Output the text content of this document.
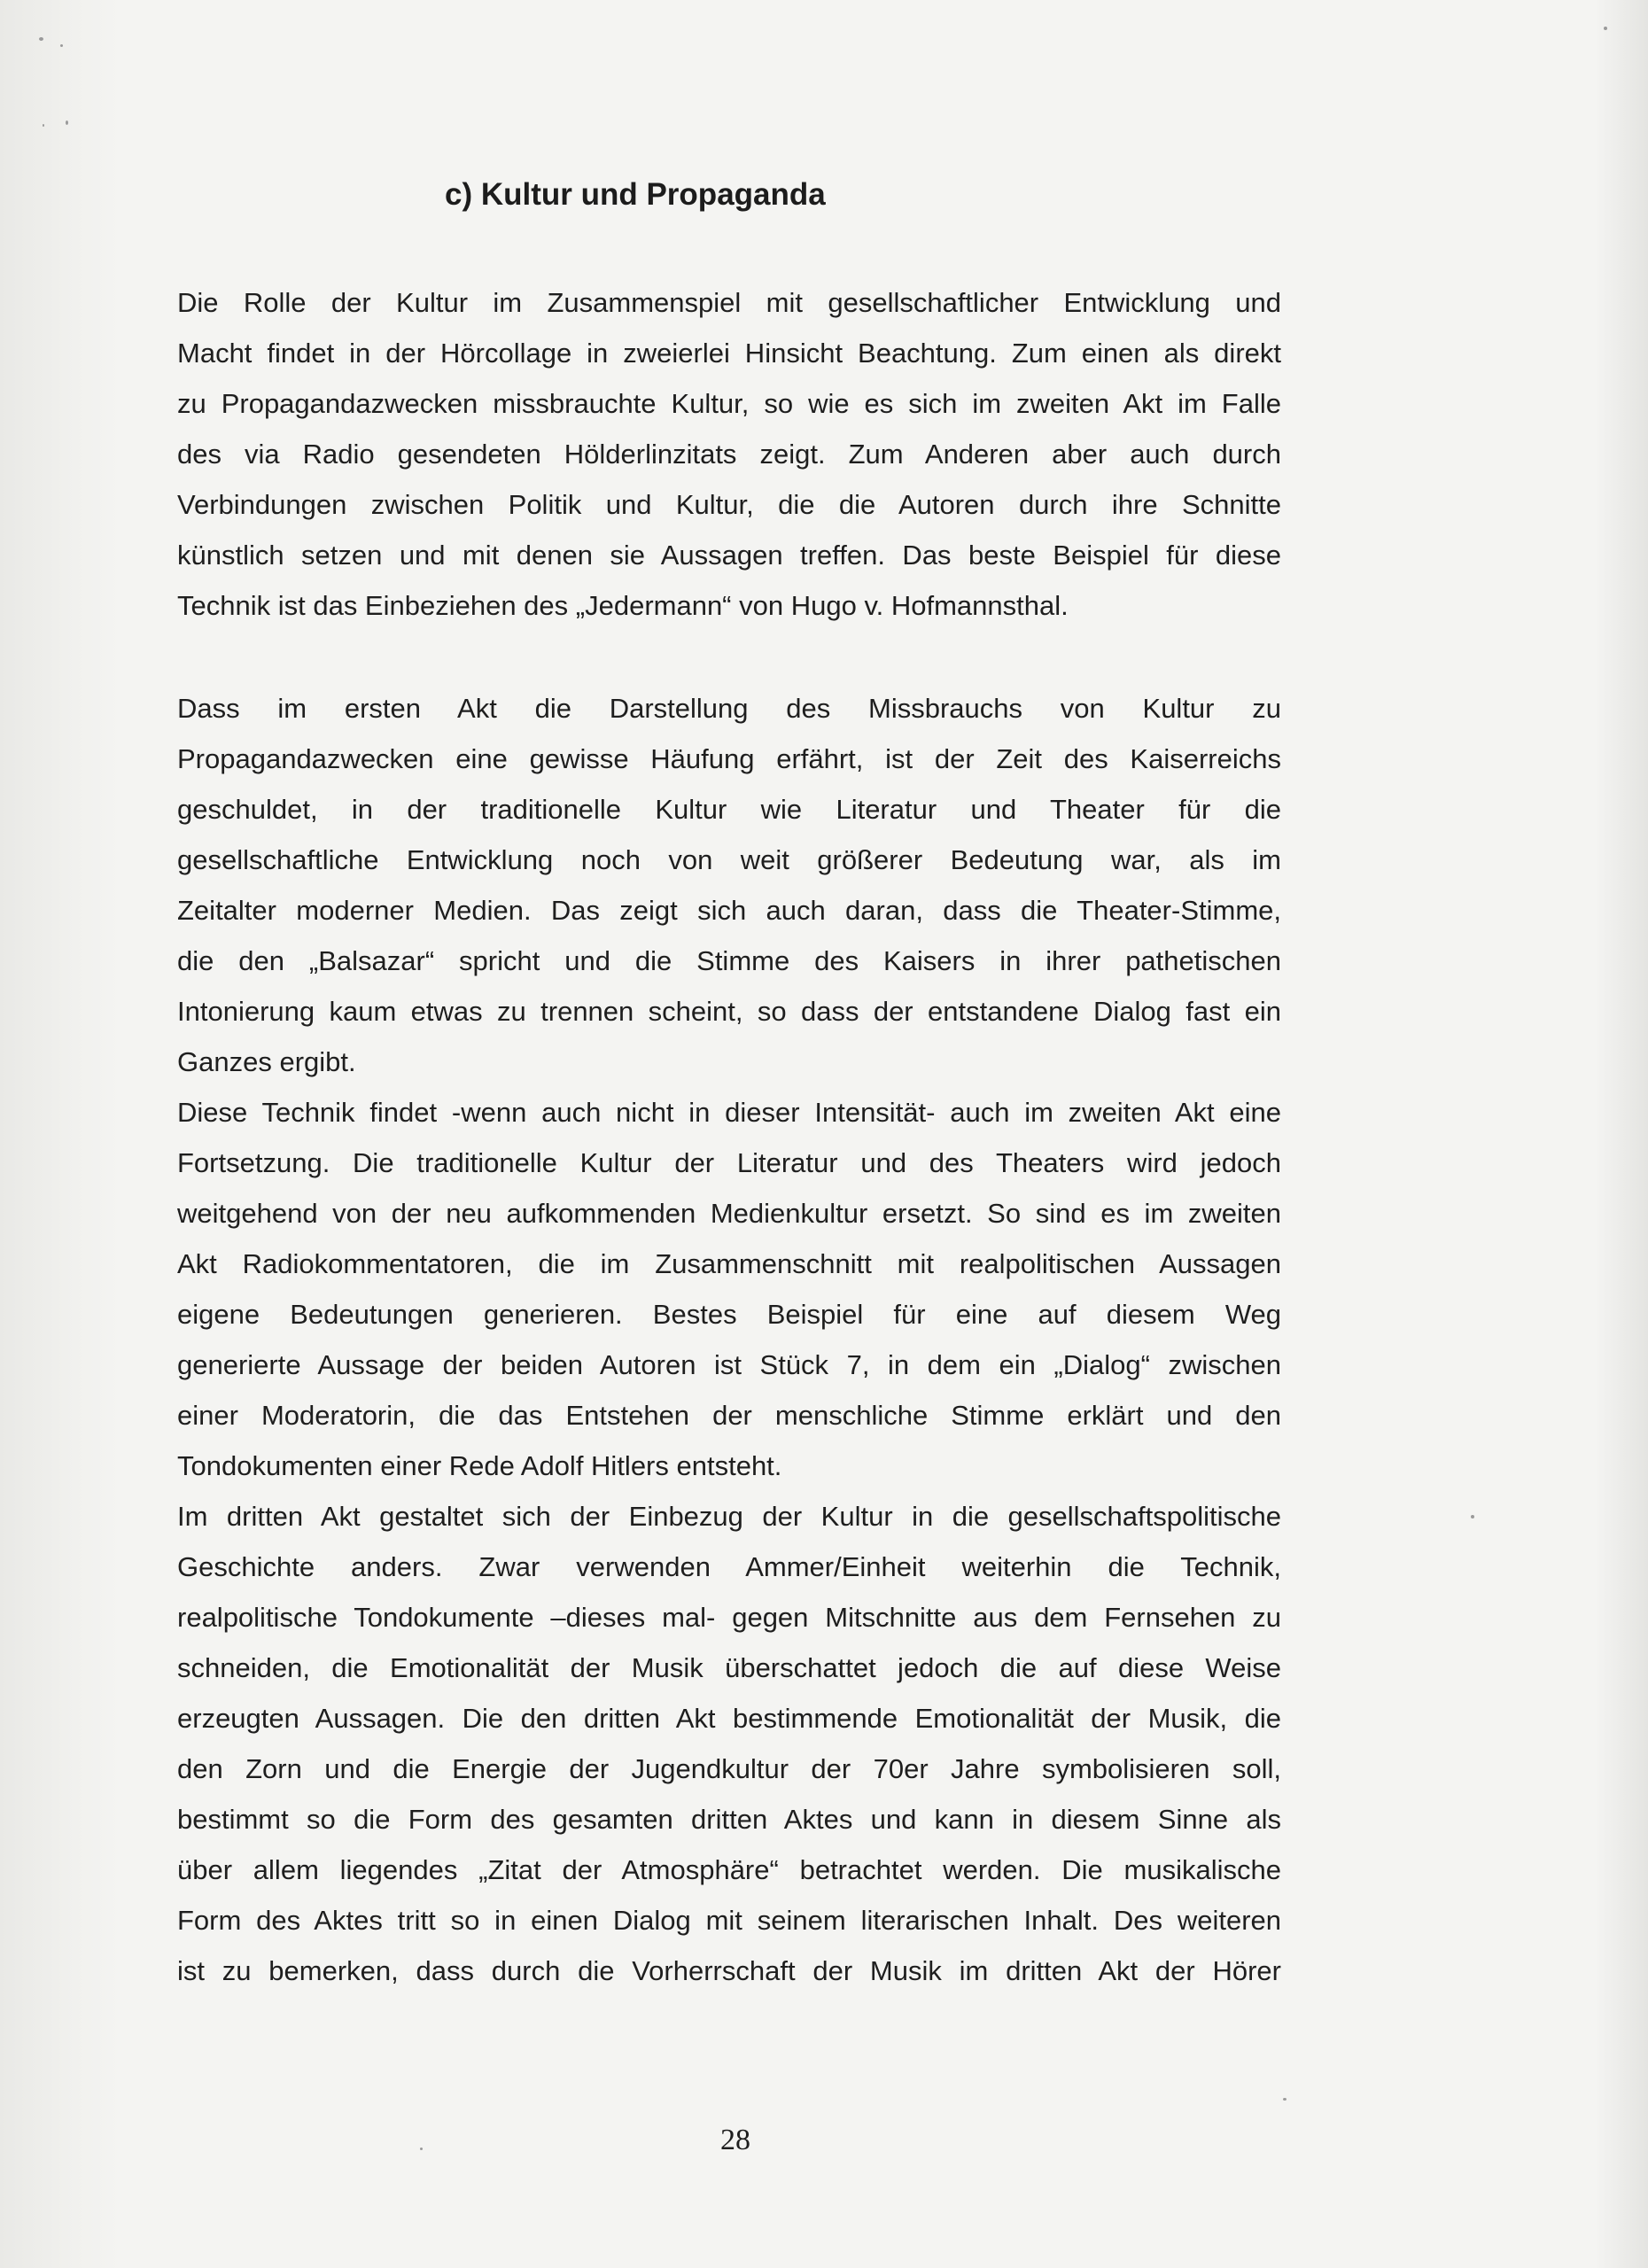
c) Kultur und Propaganda
Die Rolle der Kultur im Zusammenspiel mit gesellschaftlicher Entwicklung und
Macht findet in der Hörcollage in zweierlei Hinsicht Beachtung. Zum einen als direkt
zu Propagandazwecken missbrauchte Kultur, so wie es sich im zweiten Akt im Falle
des via Radio gesendeten Hölderlinzitats zeigt. Zum Anderen aber auch durch
Verbindungen zwischen Politik und Kultur, die die Autoren durch ihre Schnitte
künstlich setzen und mit denen sie Aussagen treffen. Das beste Beispiel für diese
Technik ist das Einbeziehen des „Jedermann“ von Hugo v. Hofmannsthal.
Dass im ersten Akt die Darstellung des Missbrauchs von Kultur zu
Propagandazwecken eine gewisse Häufung erfährt, ist der Zeit des Kaiserreichs
geschuldet, in der traditionelle Kultur wie Literatur und Theater für die
gesellschaftliche Entwicklung noch von weit größerer Bedeutung war, als im
Zeitalter moderner Medien. Das zeigt sich auch daran, dass die Theater-Stimme,
die den „Balsazar“ spricht und die Stimme des Kaisers in ihrer pathetischen
Intonierung kaum etwas zu trennen scheint, so dass der entstandene Dialog fast ein
Ganzes ergibt.
Diese Technik findet -wenn auch nicht in dieser Intensität- auch im zweiten Akt eine
Fortsetzung. Die traditionelle Kultur der Literatur und des Theaters wird jedoch
weitgehend von der neu aufkommenden Medienkultur ersetzt. So sind es im zweiten
Akt Radiokommentatoren, die im Zusammenschnitt mit realpolitischen Aussagen
eigene Bedeutungen generieren. Bestes Beispiel für eine auf diesem Weg
generierte Aussage der beiden Autoren ist Stück 7, in dem ein „Dialog“ zwischen
einer Moderatorin, die das Entstehen der menschliche Stimme erklärt und den
Tondokumenten einer Rede Adolf Hitlers entsteht.
Im dritten Akt gestaltet sich der Einbezug der Kultur in die gesellschaftspolitische
Geschichte anders. Zwar verwenden Ammer/Einheit weiterhin die Technik,
realpolitische Tondokumente –dieses mal- gegen Mitschnitte aus dem Fernsehen zu
schneiden, die Emotionalität der Musik überschattet jedoch die auf diese Weise
erzeugten Aussagen. Die den dritten Akt bestimmende Emotionalität der Musik, die
den Zorn und die Energie der Jugendkultur der 70er Jahre symbolisieren soll,
bestimmt so die Form des gesamten dritten Aktes und kann in diesem Sinne als
über allem liegendes „Zitat der Atmosphäre“ betrachtet werden. Die musikalische
Form des Aktes tritt so in einen Dialog mit seinem literarischen Inhalt. Des weiteren
ist zu bemerken, dass durch die Vorherrschaft der Musik im dritten Akt der Hörer
28
